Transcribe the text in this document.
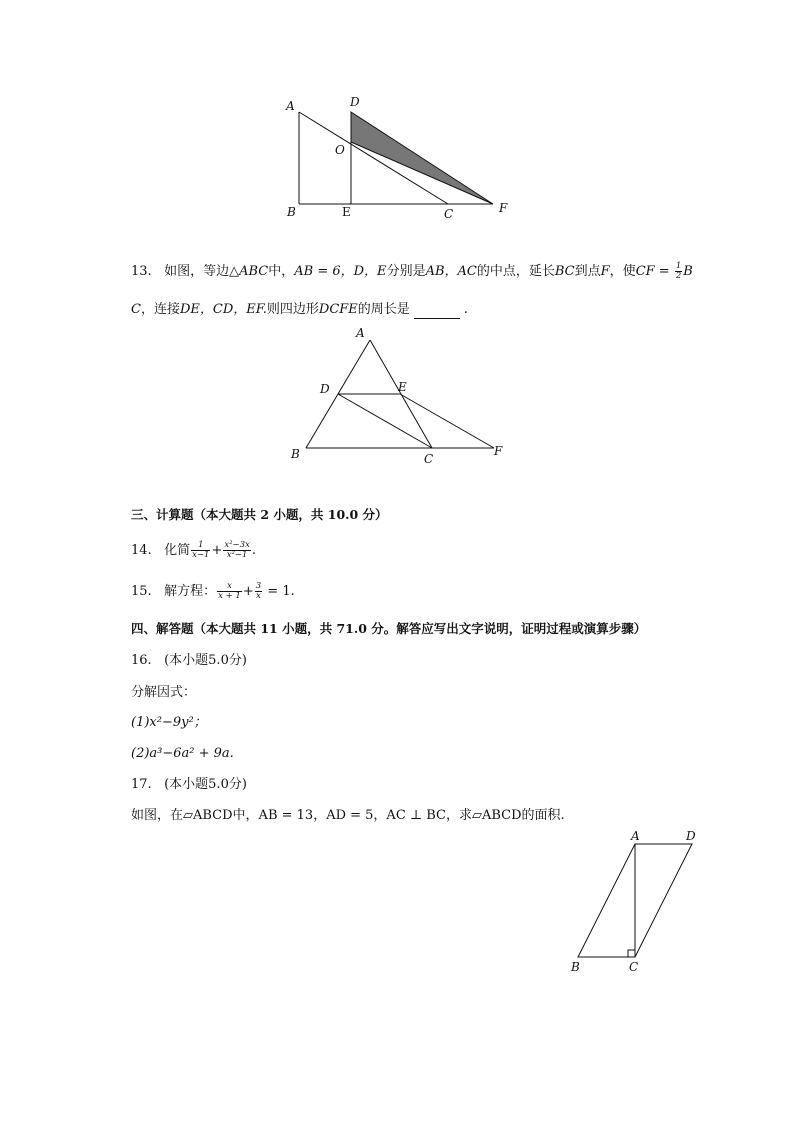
A	D
O
B	E	C	F
13. 如图，等边△ABC中，AB = 6，D，E分别是AB，AC的中点，延长BC到点F，使CF = $\frac{1}{2}$ B
C，连接DE，CD，EF.则四边形DCFE的周长是	.
A
D	E
B	C
F
三、计算题（本大题共 2 小题，共 10.0 分）
14. 化简 $\frac{1}{x-1} + \frac{\text{x²−3x}}{\text{x²−1}}$ .
15. 解方程： $\frac{x}{x + 1} + \frac{3}{x} = 1$.
四、解答题（本大题共 11 小题，共 71.0 分。解答应写出文字说明，证明过程或演算步骤）
16. (本小题5.0分)
分解因式：
(1)x²−9y²；
(2)a³−6a² + 9a.
17. (本小题5.0分)
如图，在▱ABCD中，AB = 13，AD = 5，AC ⊥ BC，求▱ABCD的面积.
A	D
B	C
